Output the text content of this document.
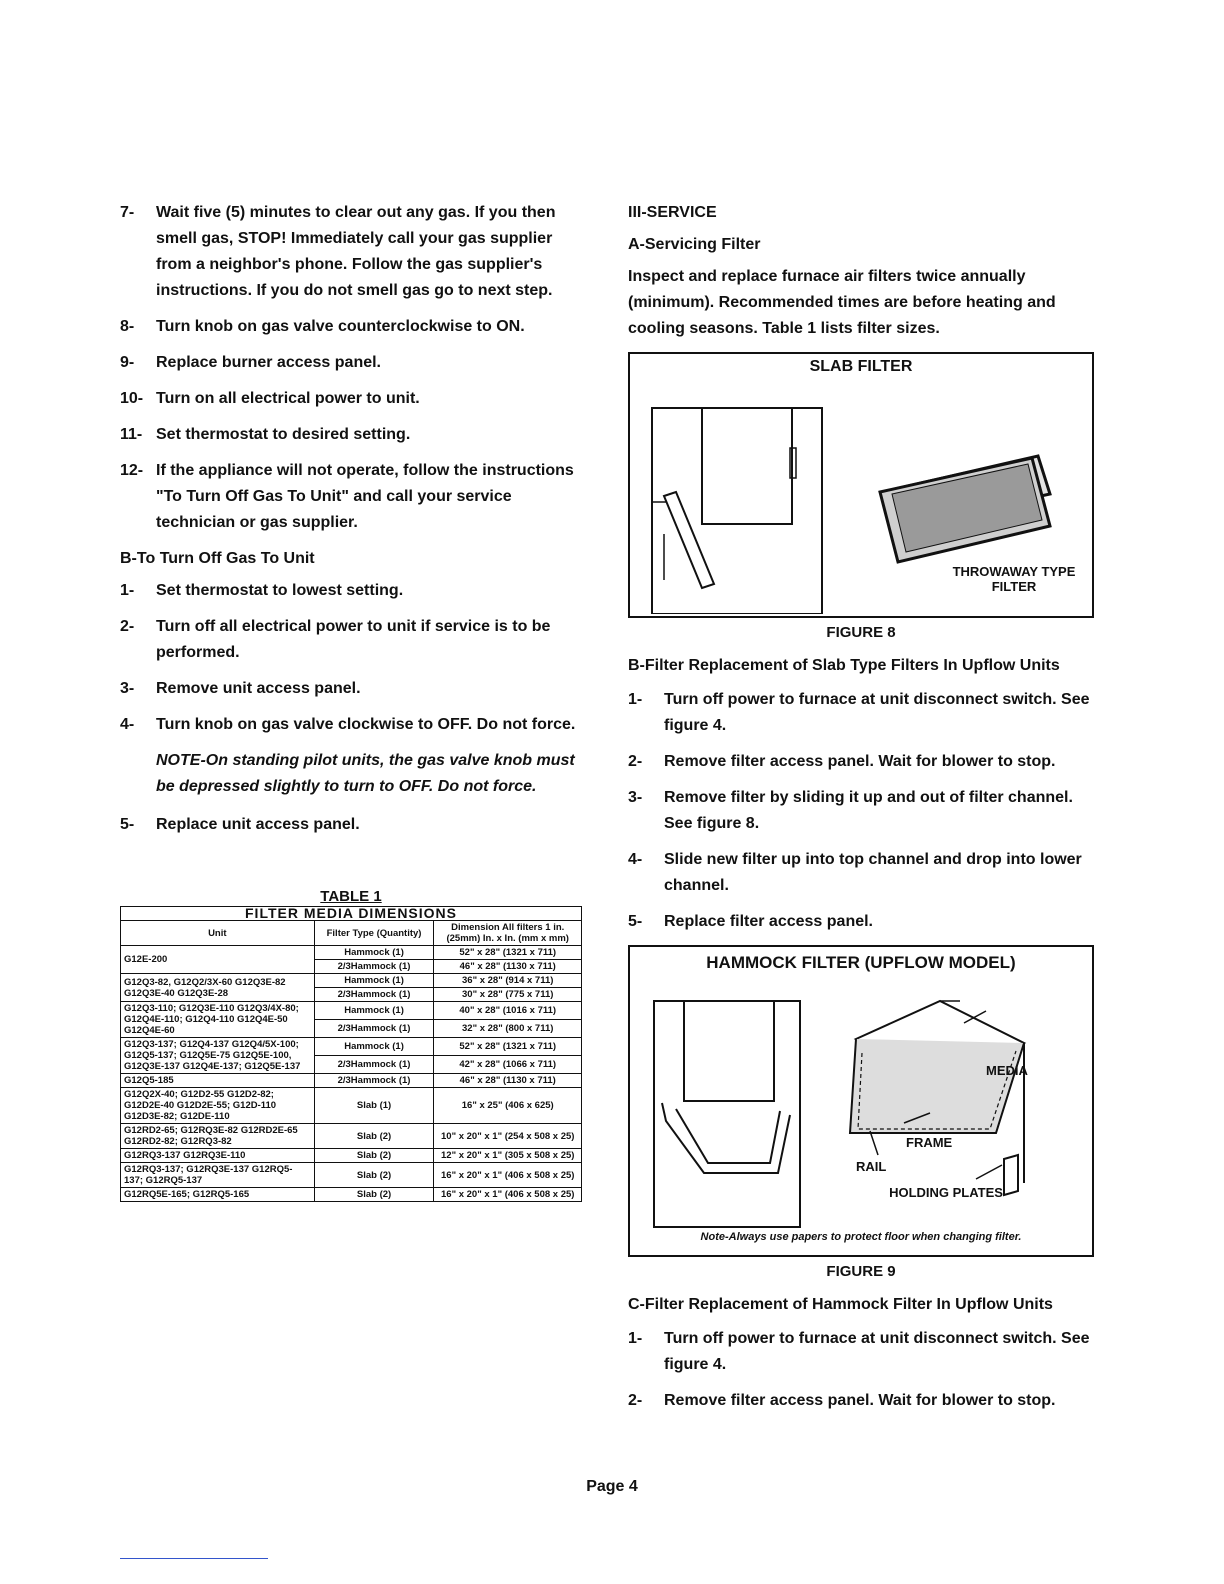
7-	Wait five (5) minutes to clear out any gas. If you then smell gas, STOP! Immediately call your gas supplier from a neighbor's phone. Follow the gas supplier's instructions. If you do not smell gas go to next step.
8-	Turn knob on gas valve counterclockwise to ON.
9-	Replace burner access panel.
10- Turn on all electrical power to unit.
11- Set thermostat to desired setting.
12- If the appliance will not operate, follow the instructions "To Turn Off Gas To Unit" and call your service technician or gas supplier.
B-To Turn Off Gas To Unit
1-	Set thermostat to lowest setting.
2-	Turn off all electrical power to unit if service is to be performed.
3-	Remove unit access panel.
4-	Turn knob on gas valve clockwise to OFF. Do not force.
NOTE-On standing pilot units, the gas valve knob must be depressed slightly to turn to OFF. Do not force.
5-	Replace unit access panel.
TABLE 1
FILTER MEDIA DIMENSIONS		
Unit	Filter Type (Quantity)	Dimension All filters 1 in. (25mm) In. x In. (mm x mm)
G12E-200	Hammock (1)	52" x 28" (1321 x 711)
	2/3Hammock (1)	46" x 28" (1130 x 711)
G12Q3-82, G12Q2/3X-60 G12Q3E-82 G12Q3E-40 G12Q3E-28	Hammock (1)	36" x 28" (914 x 711)
	2/3Hammock (1)	30" x 28" (775 x 711)
G12Q3-110; G12Q3E-110 G12Q3/4X-80; G12Q4E-110; G12Q4-110 G12Q4E-50 G12Q4E-60	Hammock (1)	40" x 28" (1016 x 711)
	2/3Hammock (1)	32" x 28" (800 x 711)
G12Q3-137; G12Q4-137 G12Q4/5X-100; G12Q5-137; G12Q5E-75 G12Q5E-100, G12Q3E-137 G12Q4E-137; G12Q5E-137	Hammock (1)	52" x 28" (1321 x 711)
	2/3Hammock (1)	42" x 28" (1066 x 711)
G12Q5-185	2/3Hammock (1)	46" x 28" (1130 x 711)
G12Q2X-40; G12D2-55 G12D2-82; G12D2E-40 G12D2E-55; G12D-110 G12D3E-82; G12DE-110	Slab (1)	16" x 25" (406 x 625)
G12RD2-65; G12RQ3E-82 G12RD2E-65 G12RD2-82; G12RQ3-82	Slab (2)	10" x 20" x 1" (254 x 508 x 25)
G12RQ3-137 G12RQ3E-110	Slab (2)	12" x 20" x 1" (305 x 508 x 25)
G12RQ3-137; G12RQ3E-137 G12RQ5-137; G12RQ5-137	Slab (2)	16" x 20" x 1" (406 x 508 x 25)
G12RQ5E-165; G12RQ5-165	Slab (2)	16" x 20" x 1" (406 x 508 x 25)
III-SERVICE
A-Servicing Filter
Inspect and replace furnace air filters twice annually (minimum). Recommended times are before heating and cooling seasons. Table 1 lists filter sizes.
SLAB FILTER
THROWAWAY TYPE FILTER
FIGURE 8
B-Filter Replacement of Slab Type Filters In Upflow Units
1-	Turn off power to furnace at unit disconnect switch. See figure 4.
2-	Remove filter access panel. Wait for blower to stop.
3-	Remove filter by sliding it up and out of filter channel. See figure 8.
4-	Slide new filter up into top channel and drop into lower channel.
5-	Replace filter access panel.
HAMMOCK FILTER (UPFLOW MODEL)
MEDIA
FRAME
RAIL
HOLDING PLATES
Note-Always use papers to protect floor when changing filter.
FIGURE 9
C-Filter Replacement of Hammock Filter In Upflow Units
1-	Turn off power to furnace at unit disconnect switch. See figure 4.
2-	Remove filter access panel. Wait for blower to stop.
Page 4
